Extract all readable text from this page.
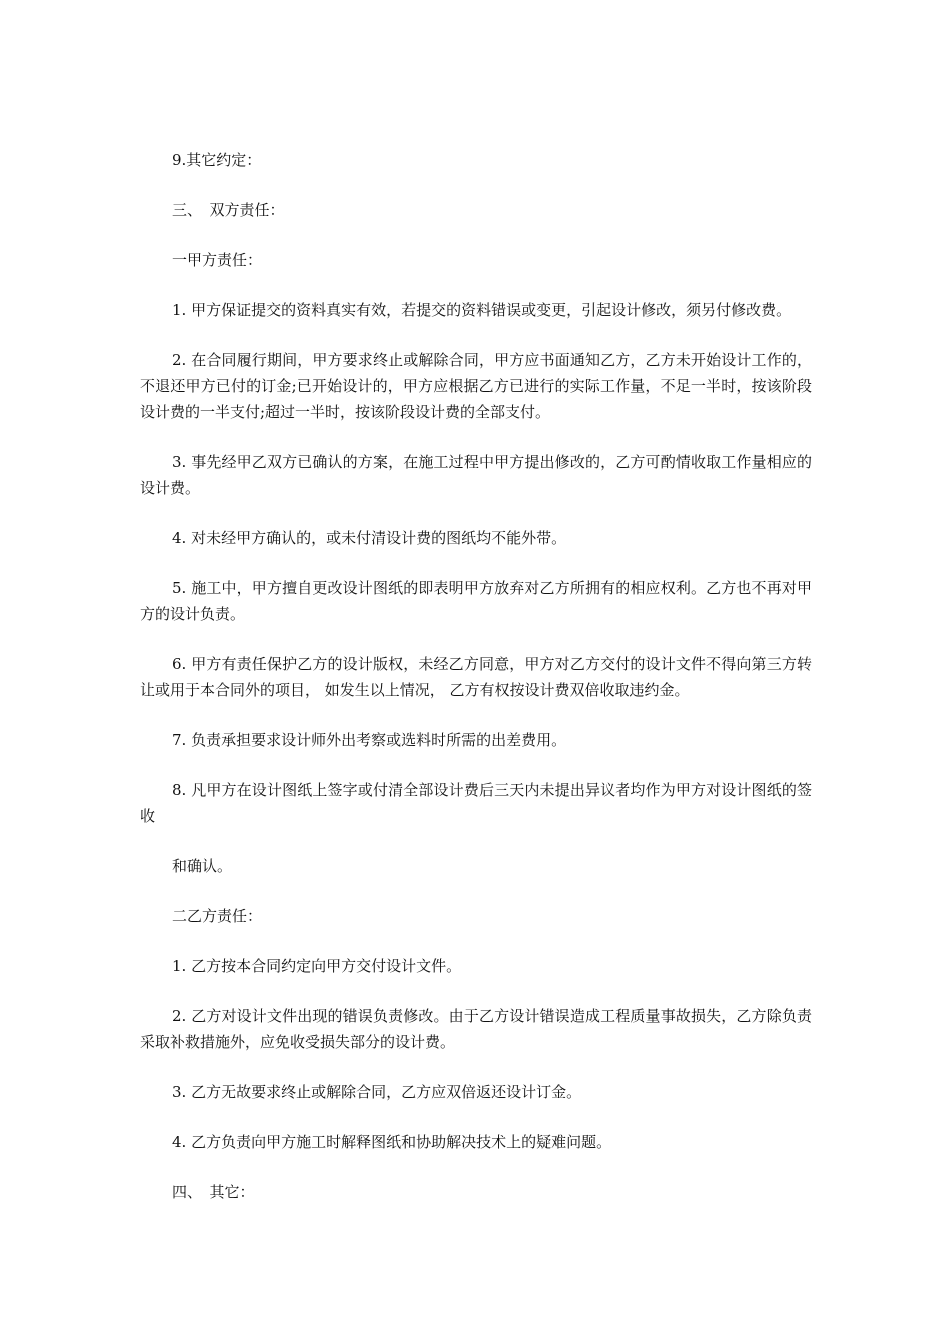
9.其它约定：

三、　双方责任：

一甲方责任：

1. 甲方保证提交的资料真实有效，若提交的资料错误或变更，引起设计修改，须另付修改费。

2. 在合同履行期间，甲方要求终止或解除合同，甲方应书面通知乙方，乙方未开始设计工作的，不退还甲方已付的订金;已开始设计的，甲方应根据乙方已进行的实际工作量，不足一半时，按该阶段设计费的一半支付;超过一半时，按该阶段设计费的全部支付。

3. 事先经甲乙双方已确认的方案，在施工过程中甲方提出修改的，乙方可酌情收取工作量相应的设计费。

4. 对未经甲方确认的，或未付清设计费的图纸均不能外带。

5. 施工中，甲方擅自更改设计图纸的即表明甲方放弃对乙方所拥有的相应权利。乙方也不再对甲方的设计负责。

6. 甲方有责任保护乙方的设计版权，未经乙方同意，甲方对乙方交付的设计文件不得向第三方转让或用于本合同外的项目， 如发生以上情况， 乙方有权按设计费双倍收取违约金。

7. 负责承担要求设计师外出考察或选料时所需的出差费用。

8. 凡甲方在设计图纸上签字或付清全部设计费后三天内未提出异议者均作为甲方对设计图纸的签收

和确认。

二乙方责任：

1. 乙方按本合同约定向甲方交付设计文件。

2. 乙方对设计文件出现的错误负责修改。由于乙方设计错误造成工程质量事故损失，乙方除负责采取补救措施外，应免收受损失部分的设计费。

3. 乙方无故要求终止或解除合同，乙方应双倍返还设计订金。

4. 乙方负责向甲方施工时解释图纸和协助解决技术上的疑难问题。

四、　其它：
